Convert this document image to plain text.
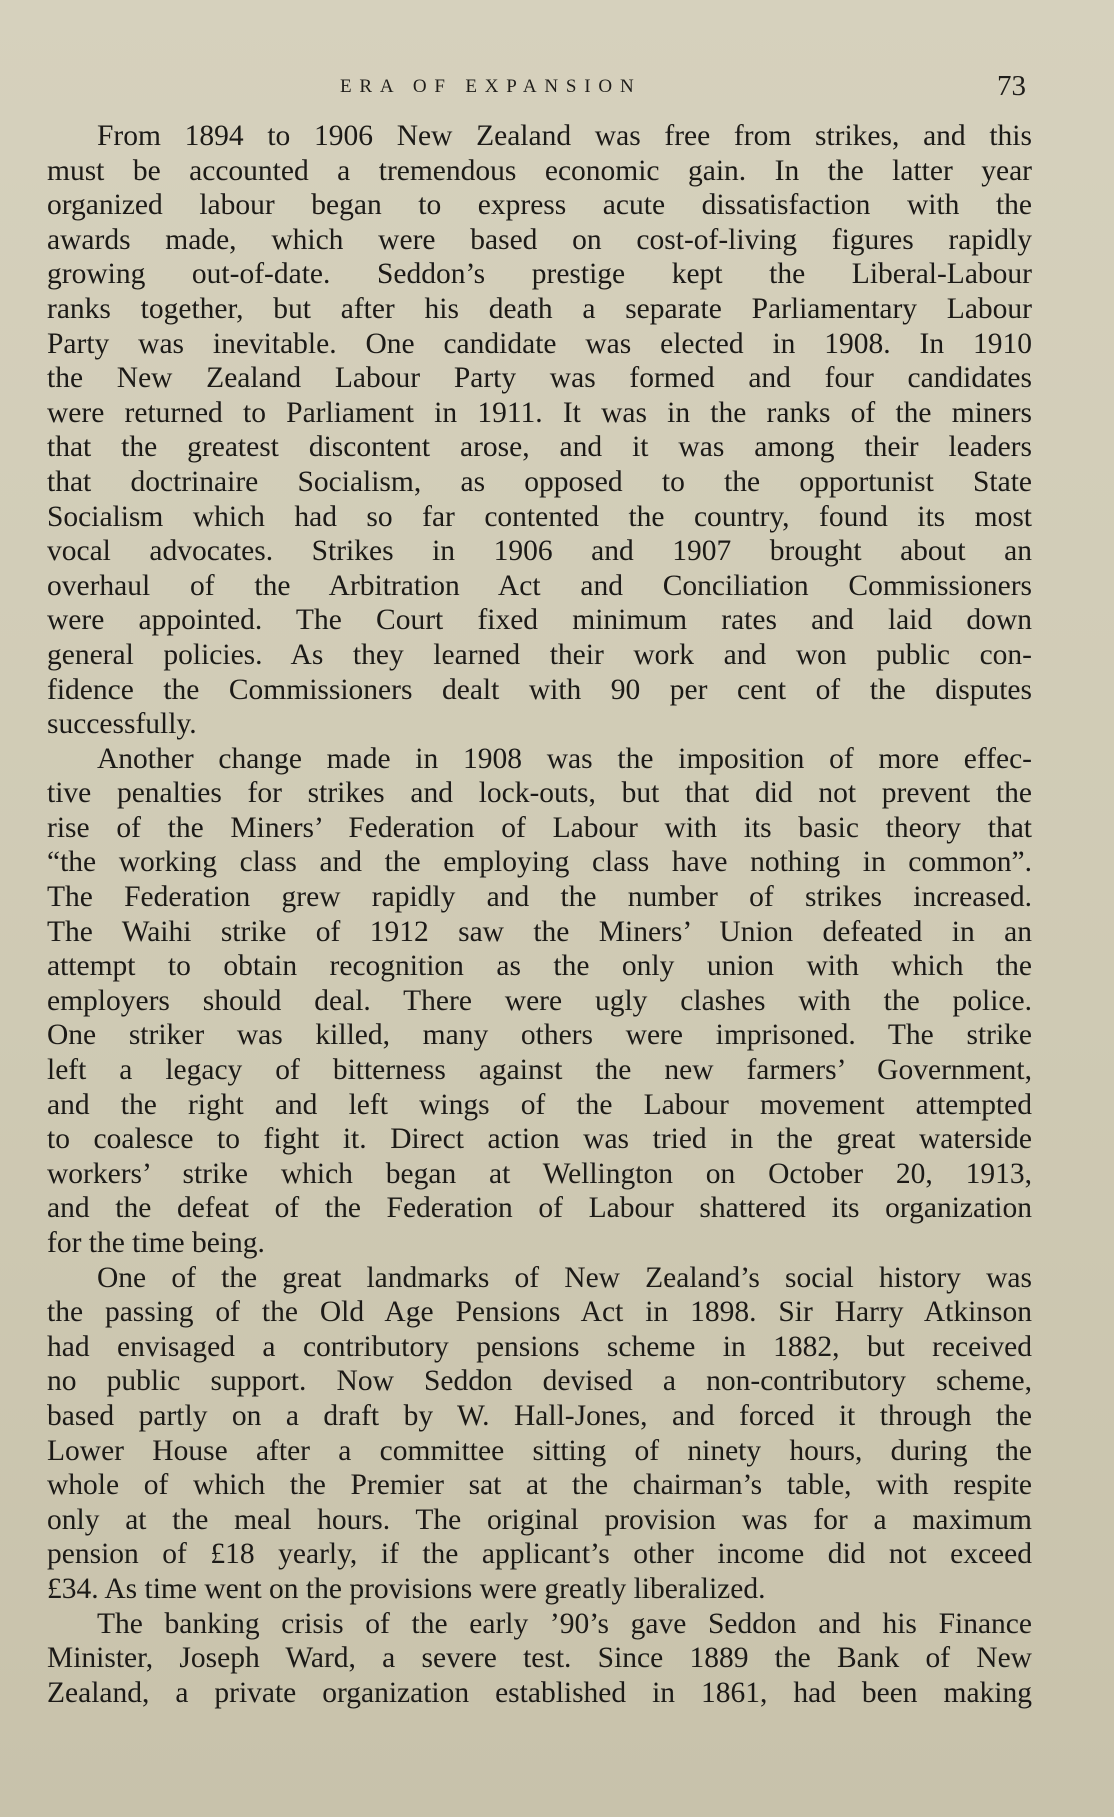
ERA OF EXPANSION	73
From 1894 to 1906 New Zealand was free from strikes, and this
must be accounted a tremendous economic gain. In the latter year
organized labour began to express acute dissatisfaction with the
awards made, which were based on cost-of-living figures rapidly
growing out-of-date. Seddon’s prestige kept the Liberal-Labour
ranks together, but after his death a separate Parliamentary Labour
Party was inevitable. One candidate was elected in 1908. In 1910
the New Zealand Labour Party was formed and four candidates
were returned to Parliament in 1911. It was in the ranks of the miners
that the greatest discontent arose, and it was among their leaders
that doctrinaire Socialism, as opposed to the opportunist State
Socialism which had so far contented the country, found its most
vocal advocates. Strikes in 1906 and 1907 brought about an
overhaul of the Arbitration Act and Conciliation Commissioners
were appointed. The Court fixed minimum rates and laid down
general policies. As they learned their work and won public con-
fidence the Commissioners dealt with 90 per cent of the disputes
successfully.
Another change made in 1908 was the imposition of more effec-
tive penalties for strikes and lock-outs, but that did not prevent the
rise of the Miners’ Federation of Labour with its basic theory that
“the working class and the employing class have nothing in common”.
The Federation grew rapidly and the number of strikes increased.
The Waihi strike of 1912 saw the Miners’ Union defeated in an
attempt to obtain recognition as the only union with which the
employers should deal. There were ugly clashes with the police.
One striker was killed, many others were imprisoned. The strike
left a legacy of bitterness against the new farmers’ Government,
and the right and left wings of the Labour movement attempted
to coalesce to fight it. Direct action was tried in the great waterside
workers’ strike which began at Wellington on October 20, 1913,
and the defeat of the Federation of Labour shattered its organization
for the time being.
One of the great landmarks of New Zealand’s social history was
the passing of the Old Age Pensions Act in 1898. Sir Harry Atkinson
had envisaged a contributory pensions scheme in 1882, but received
no public support. Now Seddon devised a non-contributory scheme,
based partly on a draft by W. Hall-Jones, and forced it through the
Lower House after a committee sitting of ninety hours, during the
whole of which the Premier sat at the chairman’s table, with respite
only at the meal hours. The original provision was for a maximum
pension of £18 yearly, if the applicant’s other income did not exceed
£34. As time went on the provisions were greatly liberalized.
The banking crisis of the early ’90’s gave Seddon and his Finance
Minister, Joseph Ward, a severe test. Since 1889 the Bank of New
Zealand, a private organization established in 1861, had been making
